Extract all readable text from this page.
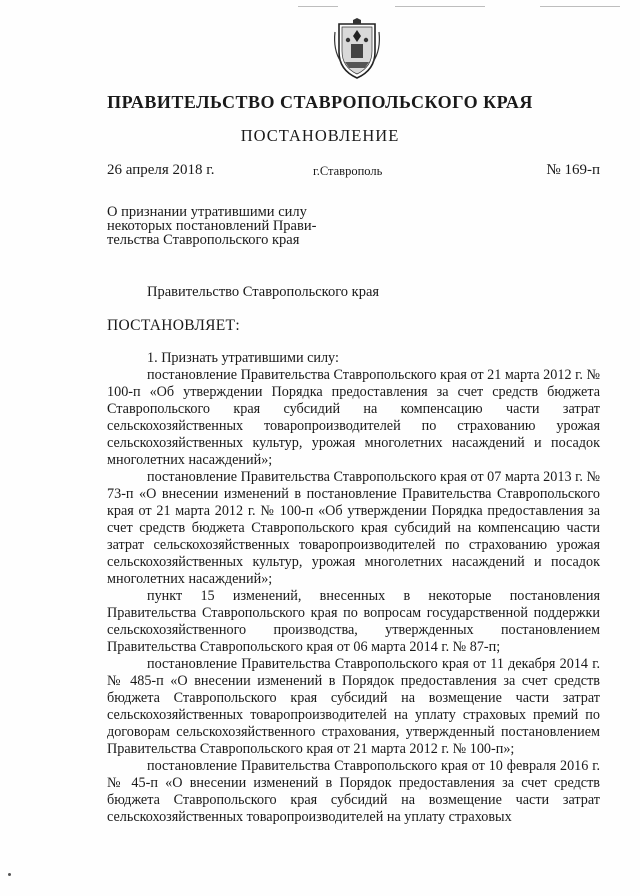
ПРАВИТЕЛЬСТВО СТАВРОПОЛЬСКОГО КРАЯ
ПОСТАНОВЛЕНИЕ
26 апреля 2018 г.	г.Ставрополь	№ 169-п
О признании утратившими силу
некоторых постановлений Прави-
тельства Ставропольского края
Правительство Ставропольского края
ПОСТАНОВЛЯЕТ:

1. Признать утратившими силу:

постановление Правительства Ставропольского края от 21 марта 2012 г. № 100-п «Об утверждении Порядка предоставления за счет средств бюджета Ставропольского края субсидий на компенсацию части затрат сельскохозяйственных товаропроизводителей по страхованию урожая сельскохозяйственных культур, урожая многолетних насаждений и посадок многолетних насаждений»;

постановление Правительства Ставропольского края от 07 марта 2013 г. № 73-п «О внесении изменений в постановление Правительства Ставропольского края от 21 марта 2012 г. № 100-п «Об утверждении Порядка предоставления за счет средств бюджета Ставропольского края субсидий на компенсацию части затрат сельскохозяйственных товаропроизводителей по страхованию урожая сельскохозяйственных культур, урожая многолетних насаждений и посадок многолетних насаждений»;

пункт 15 изменений, внесенных в некоторые постановления Правительства Ставропольского края по вопросам государственной поддержки сельскохозяйственного производства, утвержденных постановлением Правительства Ставропольского края от 06 марта 2014 г. № 87-п;

постановление Правительства Ставропольского края от 11 декабря 2014 г. № 485-п «О внесении изменений в Порядок предоставления за счет средств бюджета Ставропольского края субсидий на возмещение части затрат сельскохозяйственных товаропроизводителей на уплату страховых премий по договорам сельскохозяйственного страхования, утвержденный постановлением Правительства Ставропольского края от 21 марта 2012 г. № 100-п»;

постановление Правительства Ставропольского края от 10 февраля 2016 г. № 45-п «О внесении изменений в Порядок предоставления за счет средств бюджета Ставропольского края субсидий на возмещение части затрат сельскохозяйственных товаропроизводителей на уплату страховых
